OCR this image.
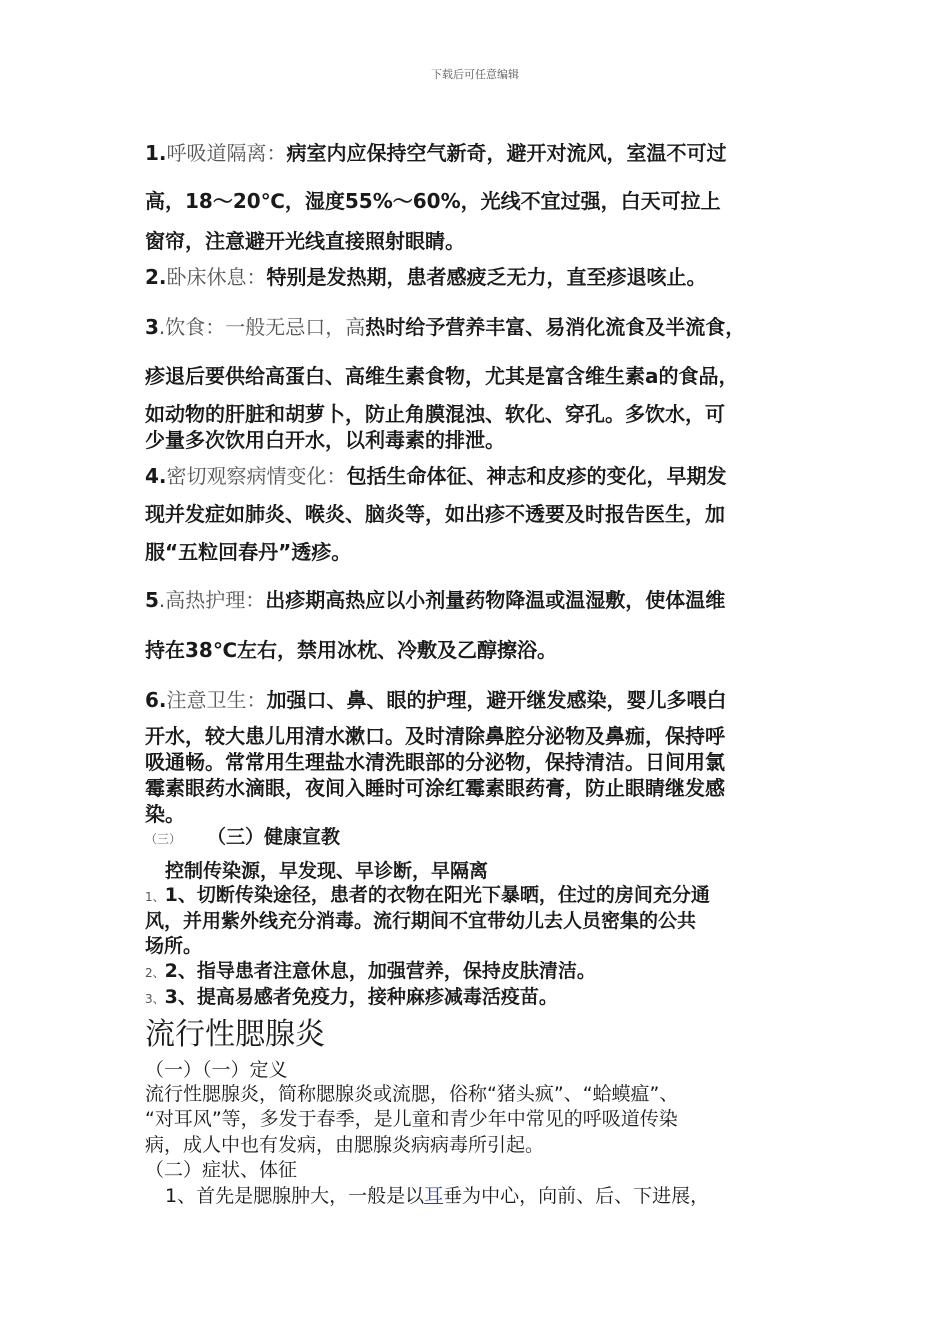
下载后可任意编辑
1.呼吸道隔离：病室内应保持空气新奇，避开对流风，室温不可过
高，18～20℃，湿度55%～60%，光线不宜过强，白天可拉上
窗帘，注意避开光线直接照射眼睛。
2.卧床休息：特别是发热期，患者感疲乏无力，直至疹退咳止。
3.饮食：一般无忌口，高热时给予营养丰富、易消化流食及半流食，
疹退后要供给高蛋白、高维生素食物，尤其是富含维生素a的食品，
如动物的肝脏和胡萝卜，防止角膜混浊、软化、穿孔。多饮水，可
少量多次饮用白开水，以利毒素的排泄。
4.密切观察病情变化：包括生命体征、神志和皮疹的变化，早期发
现并发症如肺炎、喉炎、脑炎等，如出疹不透要及时报告医生，加
服“五粒回春丹”透疹。
5.高热护理：出疹期高热应以小剂量药物降温或温湿敷，使体温维
持在38℃左右，禁用冰枕、冷敷及乙醇擦浴。
6.注意卫生：加强口、鼻、眼的护理，避开继发感染，婴儿多喂白
开水，较大患儿用清水漱口。及时清除鼻腔分泌物及鼻痂，保持呼
吸通畅。常常用生理盐水清洗眼部的分泌物，保持清洁。日间用氯
霉素眼药水滴眼，夜间入睡时可涂红霉素眼药膏，防止眼睛继发感
染。
（三） （三）健康宣教
控制传染源，早发现、早诊断，早隔离
1、1、切断传染途径，患者的衣物在阳光下暴晒，住过的房间充分通
风，并用紫外线充分消毒。流行期间不宜带幼儿去人员密集的公共
场所。
2、2、指导患者注意休息，加强营养，保持皮肤清洁。
3、3、提高易感者免疫力，接种麻疹减毒活疫苗。
流行性腮腺炎
（一）（一）定义
流行性腮腺炎，简称腮腺炎或流腮，俗称“猪头疯”、“蛤蟆瘟”、
“对耳风”等，多发于春季，是儿童和青少年中常见的呼吸道传染
病，成人中也有发病，由腮腺炎病病毒所引起。
（二）症状、体征
1、首先是腮腺肿大，一般是以耳垂为中心，向前、后、下进展，
